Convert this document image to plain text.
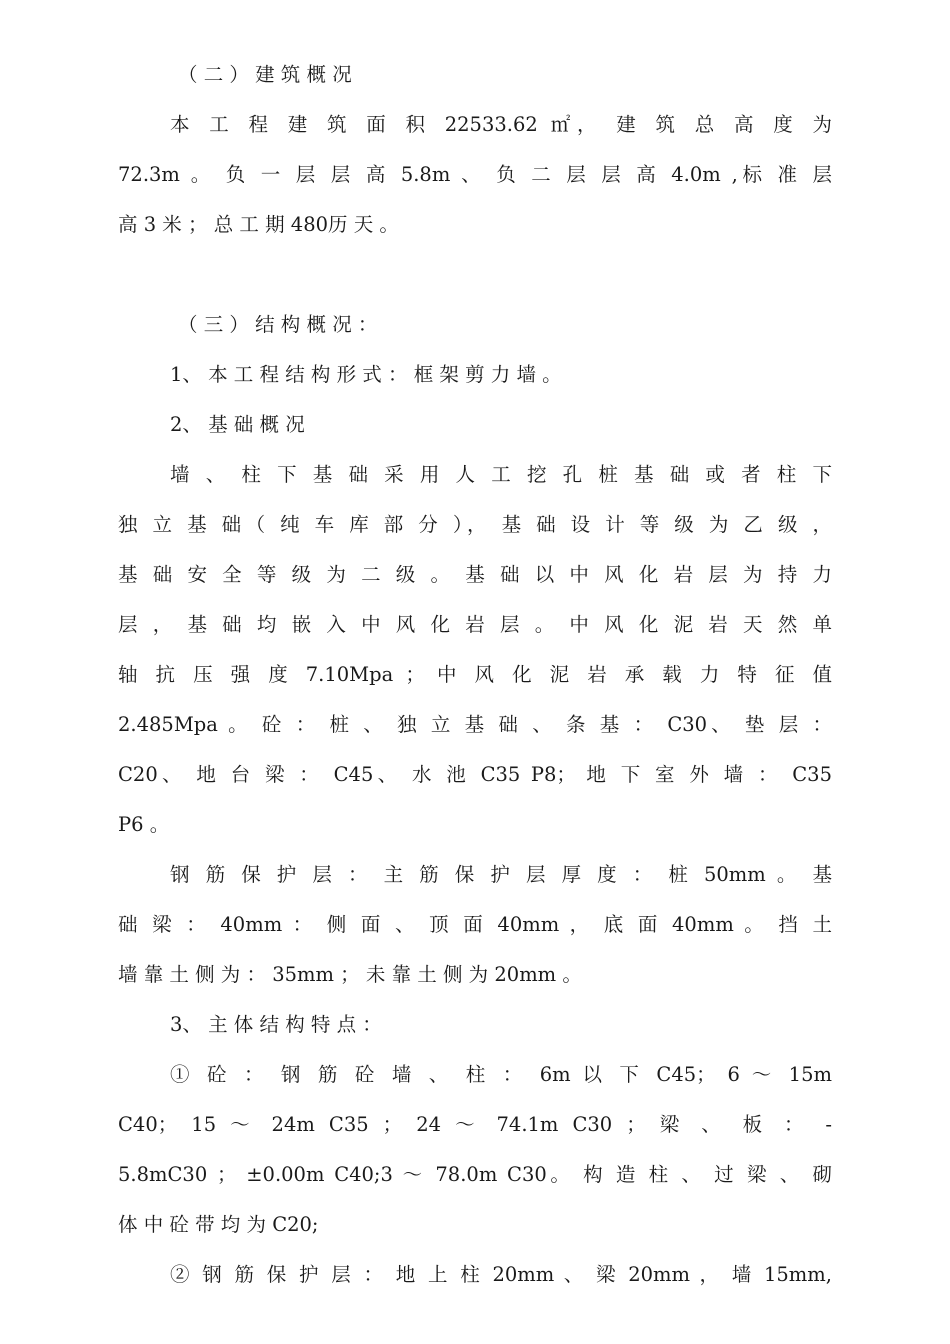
（ 二 ） 建 筑 概 况
本 工 程 建 筑 面 积 22533.62 ㎡， 建 筑 总 高 度 为
72.3m 。 负 一 层 层 高 5.8m 、 负 二 层 层 高 4.0m ,标 准 层
高 3 米 ； 总 工 期 480历 天 。
（ 三 ） 结 构 概 况 ：
1、 本 工 程 结 构 形 式 ： 框 架 剪 力 墙 。
2、 基 础 概 况
墙 、 柱 下 基 础 采 用 人 工 挖 孔 桩 基 础 或 者 柱 下
独 立 基 础（ 纯 车 库 部 分 ）， 基 础 设 计 等 级 为 乙 级 ，
基 础 安 全 等 级 为 二 级 。 基 础 以 中 风 化 岩 层 为 持 力
层 ， 基 础 均 嵌 入 中 风 化 岩 层 。 中 风 化 泥 岩 天 然 单
轴 抗 压 强 度 7.10Mpa ； 中 风 化 泥 岩 承 载 力 特 征 值
2.485Mpa 。 砼 ： 桩 、 独 立 基 础 、 条 基 ： C30、 垫 层 ：
C20、 地 台 梁 ： C45、 水 池 C35 P8； 地 下 室 外 墙 ： C35
P6 。
钢 筋 保 护 层 ： 主 筋 保 护 层 厚 度 ： 桩 50mm 。 基
础 梁 ： 40mm ： 侧 面 、 顶 面 40mm ， 底 面 40mm 。 挡 土
墙 靠 土 侧 为 ： 35mm ； 未 靠 土 侧 为 20mm 。
3、 主 体 结 构 特 点 ：
① 砼 ： 钢 筋 砼 墙 、 柱 ： 6m 以 下 C45； 6 ～ 15m
C40； 15 ～ 24m C35 ； 24 ～ 74.1m C30 ； 梁 、 板 ： -
5.8mC30 ； ±0.00m C40;3 ～ 78.0m C30。 构 造 柱 、 过 梁 、 砌
体 中 砼 带 均 为 C20;
② 钢 筋 保 护 层 ： 地 上 柱 20mm 、 梁 20mm ， 墙 15mm,
